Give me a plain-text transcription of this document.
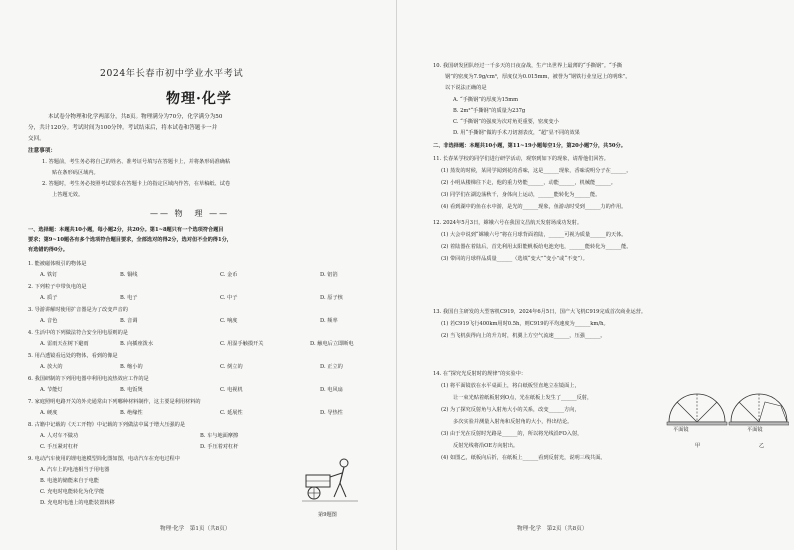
2024年长春市初中学业水平考试
物理·化学
本试卷分物理和化学两部分，共8页。物理满分为70分，化学满分为50
分，共计120分。考试时间为100分钟。考试结束后，将本试卷和答题卡一并
交回。
注意事项：
1. 答题前，考生务必将自己的姓名、准考证号填写在答题卡上，并将条形码准确粘
贴在条形码区域内。
2. 答题时，考生务必按照考试要求在答题卡上的指定区域内作答，在草稿纸、试卷
上答题无效。
—— 物　理 ——
一、选择题：本题共10小题，每小题2分，共20分。第1~8题只有一个选项符合题目
要求；第9~10题各有多个选项符合题目要求，全部选对的得2分，选对但不全的得1分，
有选错的得0分。
1. 能被磁体吸引的物体是
A. 铁钉	B. 铜线	C. 金币	D. 铝箔
2. 下列粒子中带负电的是
A. 质子	B. 电子	C. 中子	D. 原子核
3. 导游讲解时使用扩音器是为了改变声音的
A. 音色	B. 音调	C. 响度	D. 频率
4. 生活中的下列做法符合安全用电原则的是
A. 雷雨天在树下避雨	B. 向插座泼水	C. 用湿手触摸开关	D. 触电后立即断电
5. 用凸透镜看远处的物体，看到的像是
A. 放大的	B. 缩小的	C. 倒立的	D. 正立的
6. 我国研制的下列用电器中利用电流热效应工作的是
A. 节能灯	B. 电饭煲	C. 电视机	D. 电风扇
7. 家庭照明电路开关的外壳通常由下列哪种材料制作，这主要是利用材料的
A. 硬度	B. 绝缘性	C. 延展性	D. 导热性
8. 古籍中记载的《天工开物》中记载的下列做法中属于增大压强的是
A. 人对车不做功	B. 车与地面摩擦
C. 手压紧对杠杆	D. 手压着对杠杆
9. 电动汽车使用的锂电池模型简化图如图，电动汽车在充电过程中
A. 汽车上的电池相当于用电器
B. 电池的储能来自于电能
C. 充电时电能转化为化学能
D. 充电时电池上的电能装置转移
第9题图
物理·化学　第1页（共8页）
10. 我国研发团队经过一千多天的日夜奋战，生产出世界上最薄的“手撕钢”。“手撕
钢”的密度为7.9g/cm³，厚度仅为0.015mm，被誉为“钢铁行业皇冠上的明珠”。
以下说法正确的是
A. “手撕钢”的厚度为15mm
B. 2m²“手撕钢”的质量为237g
C. “手撕钢”的强度为次对角更重要，密度变小
D. 用“手撕钢”做的手术刀切割表皮，“超”显不同的效果
二、非选择题：本题共10小题，第11~19小题每空1分，第20小题7分，共50分。
11. 长春某学校的同学们进行研学活动，观察到如下的现象，请帮他们回答。
(1) 蒸发的时候，某同学闻到花的香味，这是______现象，香味说明分子在______。
(2) 小明从楼梯往下走，他的重力势能______，动能______，机械能______。
(3) 同学们在湖边荡秋千，身体向上运动，______能转化为______能。
(4) 看到湖中的鱼在水中游，是光的______现象，鱼游动时受到______力的作用。
12. 2024年5月3日，嫦娥六号在我国文昌航天发射场成功发射。
(1) 大会中说到“嫦娥六号”将在月球背面着陆，______可视为质量______的天体。
(2) 着陆器在着陆后，首先利用太阳能帆板给电池充电，______能转化为______能。
(3) 带回的月球样品质量______（选填“变大”“变小”或“不变”）。
13. 我国自主研发的大型客机C919，2024年6月5日，国产大飞机C919完成首次商业运营。
(1) 若C919飞行400km用时0.5h，则C919的平均速度为______km/h。
(2) 当飞机获得向上的升力时，机翼上方空气流速______，压强______。
14. 在“探究光反射时的规律”的实验中：
(1) 将平面镜放在水平桌面上，将白纸板竖直地立在镜面上，
让一束光贴着纸板射到O点，光在纸板上发生了______反射，
(2) 为了探究反射角与入射角大小的关系，改变______方向，
多次实验并测量入射角和反射角的大小，得出结论。
(3) 由于光在反射时光路是______的，所以将光线沿FO入射，
反射光线将沿OE方向射出。
(4) 如图乙，纸板向后折，在纸板上______看到反射光，说明三线共面。
平面镜
甲
平面镜
乙
物理·化学　第2页（共8页）
